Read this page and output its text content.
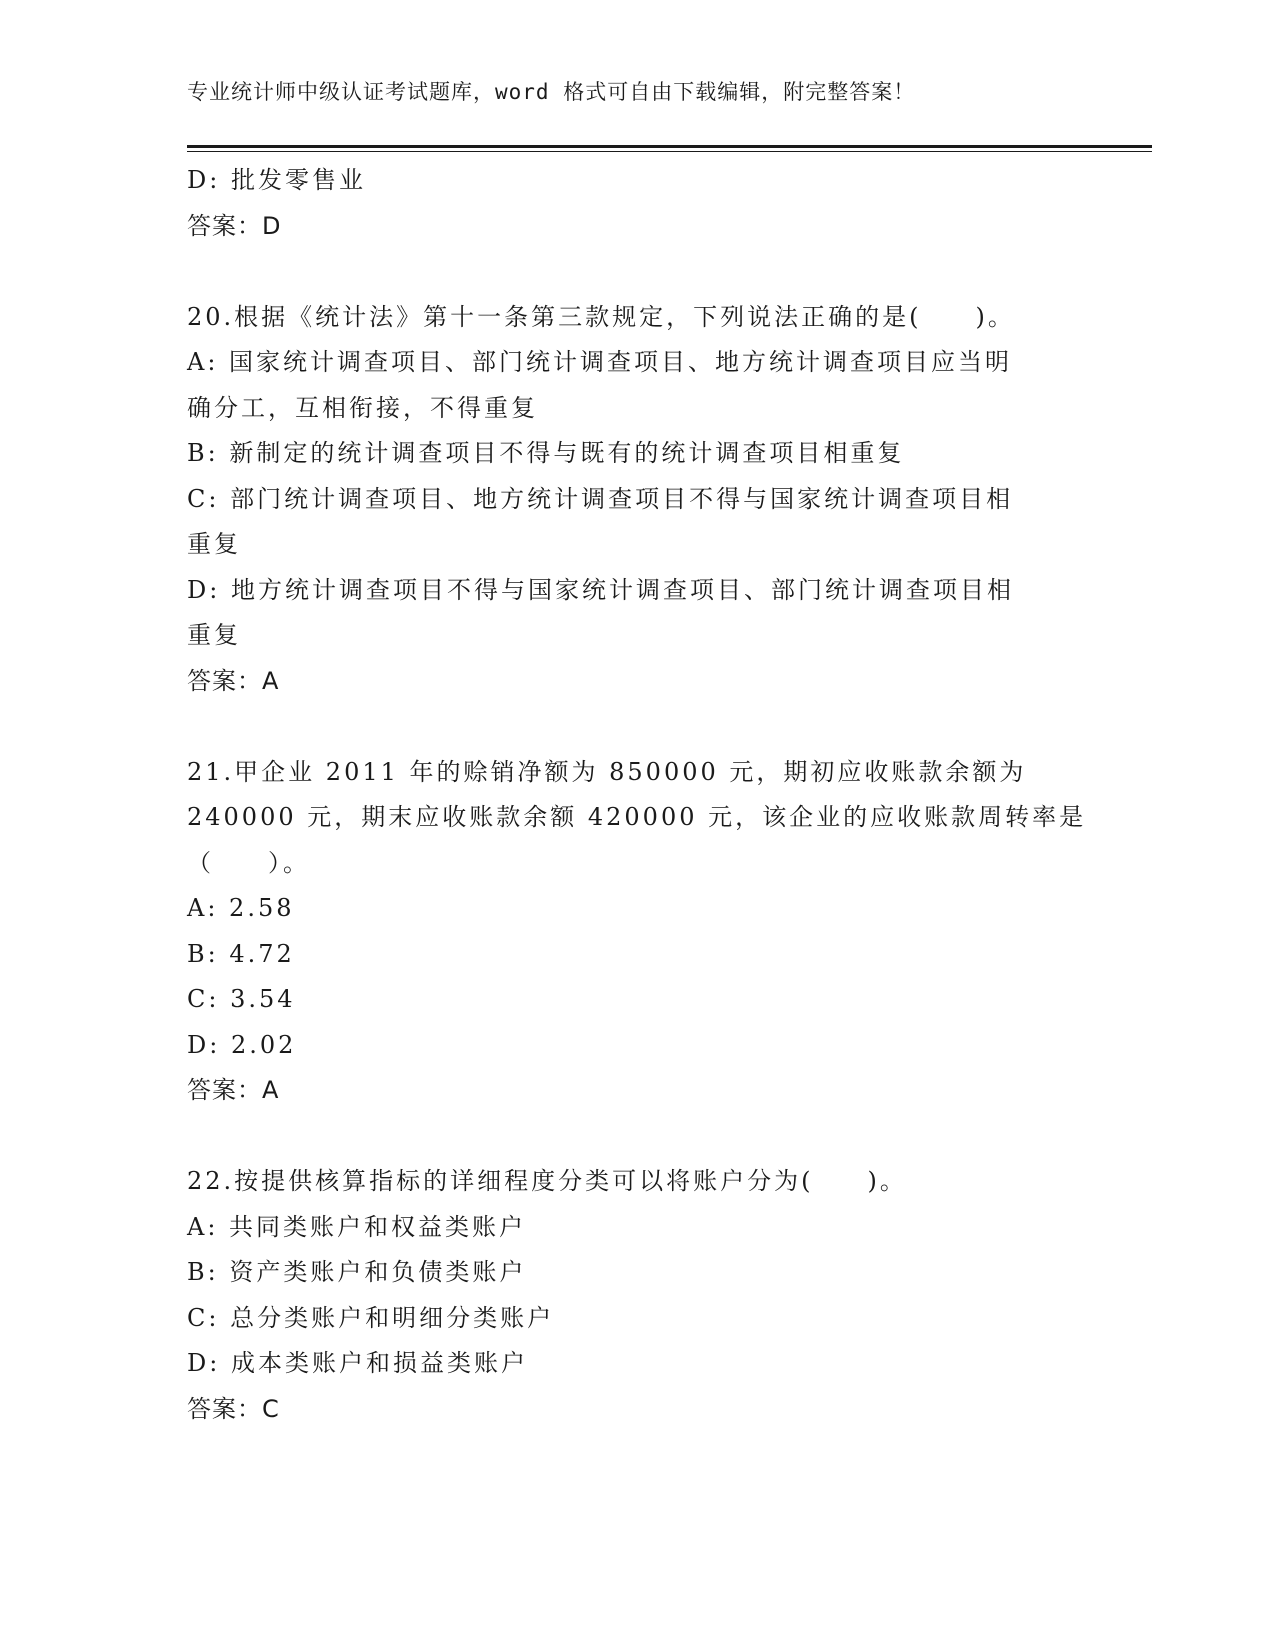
专业统计师中级认证考试题库，word 格式可自由下载编辑，附完整答案！
D: 批发零售业
答案：D
20.根据《统计法》第十一条第三款规定，下列说法正确的是(　　)。
A: 国家统计调查项目、部门统计调查项目、地方统计调查项目应当明
确分工，互相衔接，不得重复
B: 新制定的统计调查项目不得与既有的统计调查项目相重复
C: 部门统计调查项目、地方统计调查项目不得与国家统计调查项目相
重复
D: 地方统计调查项目不得与国家统计调查项目、部门统计调查项目相
重复
答案：A
21.甲企业 2011 年的赊销净额为 850000 元，期初应收账款余额为
240000 元，期末应收账款余额 420000 元，该企业的应收账款周转率是
（　　）。
A: 2.58
B: 4.72
C: 3.54
D: 2.02
答案：A
22.按提供核算指标的详细程度分类可以将账户分为(　　)。
A: 共同类账户和权益类账户
B: 资产类账户和负债类账户
C: 总分类账户和明细分类账户
D: 成本类账户和损益类账户
答案：C
